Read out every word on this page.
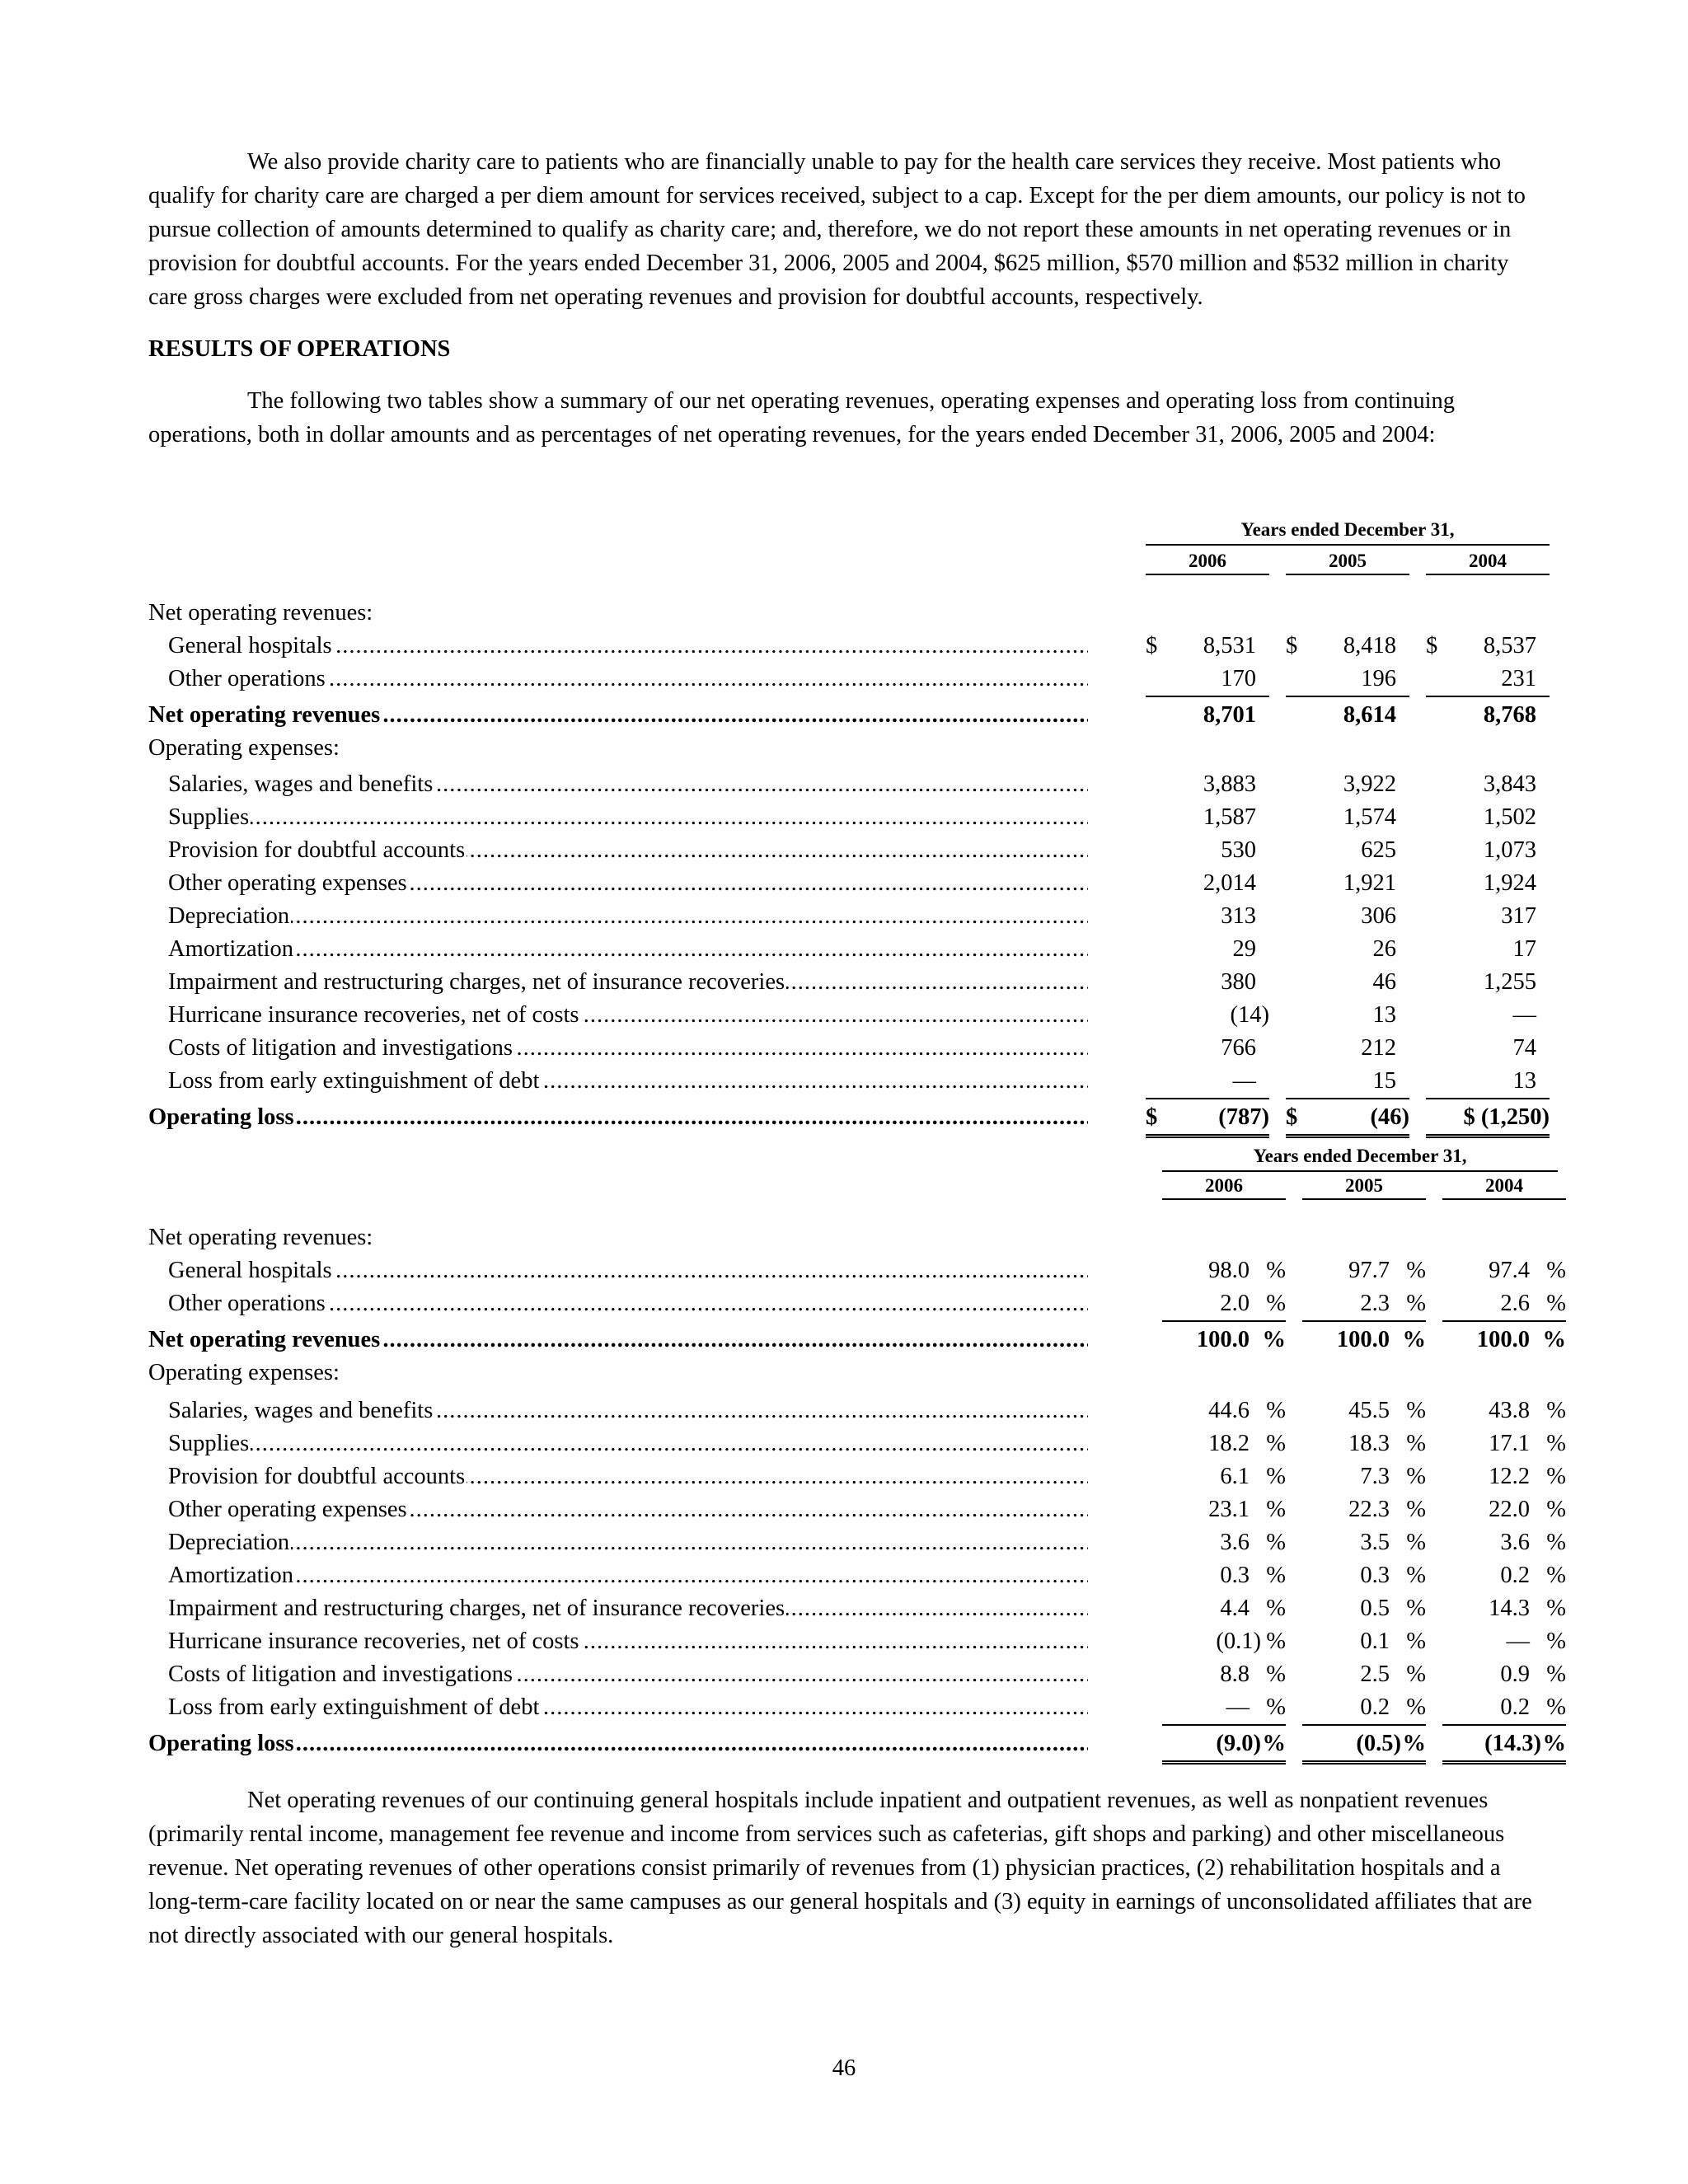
We also provide charity care to patients who are financially unable to pay for the health care services they receive. Most patients who qualify for charity care are charged a per diem amount for services received, subject to a cap. Except for the per diem amounts, our policy is not to pursue collection of amounts determined to qualify as charity care; and, therefore, we do not report these amounts in net operating revenues or in provision for doubtful accounts. For the years ended December 31, 2006, 2005 and 2004, $625 million, $570 million and $532 million in charity care gross charges were excluded from net operating revenues and provision for doubtful accounts, respectively.

RESULTS OF OPERATIONS

The following two tables show a summary of our net operating revenues, operating expenses and operating loss from continuing operations, both in dollar amounts and as percentages of net operating revenues, for the years ended December 31, 2006, 2005 and 2004:

Years ended December 31,
2006	2005	2004
Net operating revenues:
General hospitals .....	$ 8,531 $ 8,418 $ 8,537
Other operations .....	170	196	231
Net operating revenues .....	8,701	8,614	8,768
Operating expenses:
Salaries, wages and benefits .....	3,883	3,922	3,843
Supplies .....	1,587	1,574	1,502
Provision for doubtful accounts .....	530	625	1,073
Other operating expenses .....	2,014	1,921	1,924
Depreciation .....	313	306	317
Amortization .....	29	26	17
Impairment and restructuring charges, net of insurance recoveries .....	380	46	1,255
Hurricane insurance recoveries, net of costs .....	(14)	13	—
Costs of litigation and investigations .....	766	212	74
Loss from early extinguishment of debt .....	—	15	13
Operating loss .....	$	(787) $	(46) $ (1,250)
Years ended December 31,
2006	2005	2004
Net operating revenues:
General hospitals .....	98.0 %	97.7 %	97.4 %
Other operations .....	2.0 %	2.3 %	2.6 %
Net operating revenues .....	100.0 % 100.0 % 100.0 %
Operating expenses:
Salaries, wages and benefits .....	44.6 %	45.5 %	43.8 %
Supplies .....	18.2 %	18.3 %	17.1 %
Provision for doubtful accounts .....	6.1 %	7.3 %	12.2 %
Other operating expenses .....	23.1 %	22.3 %	22.0 %
Depreciation .....	3.6 %	3.5 %	3.6 %
Amortization .....	0.3 %	0.3 %	0.2 %
Impairment and restructuring charges, net of insurance recoveries .....	4.4 %	0.5 %	14.3 %
Hurricane insurance recoveries, net of costs .....	(0.1) %	0.1 %	— %
Costs of litigation and investigations .....	8.8 %	2.5 %	0.9 %
Loss from early extinguishment of debt .....	— %	0.2 %	0.2 %
Operating loss .....	(9.0) %	(0.5) % (14.3) %

Net operating revenues of our continuing general hospitals include inpatient and outpatient revenues, as well as nonpatient revenues (primarily rental income, management fee revenue and income from services such as cafeterias, gift shops and parking) and other miscellaneous revenue. Net operating revenues of other operations consist primarily of revenues from (1) physician practices, (2) rehabilitation hospitals and a long-term-care facility located on or near the same campuses as our general hospitals and (3) equity in earnings of unconsolidated affiliates that are not directly associated with our general hospitals.

46
